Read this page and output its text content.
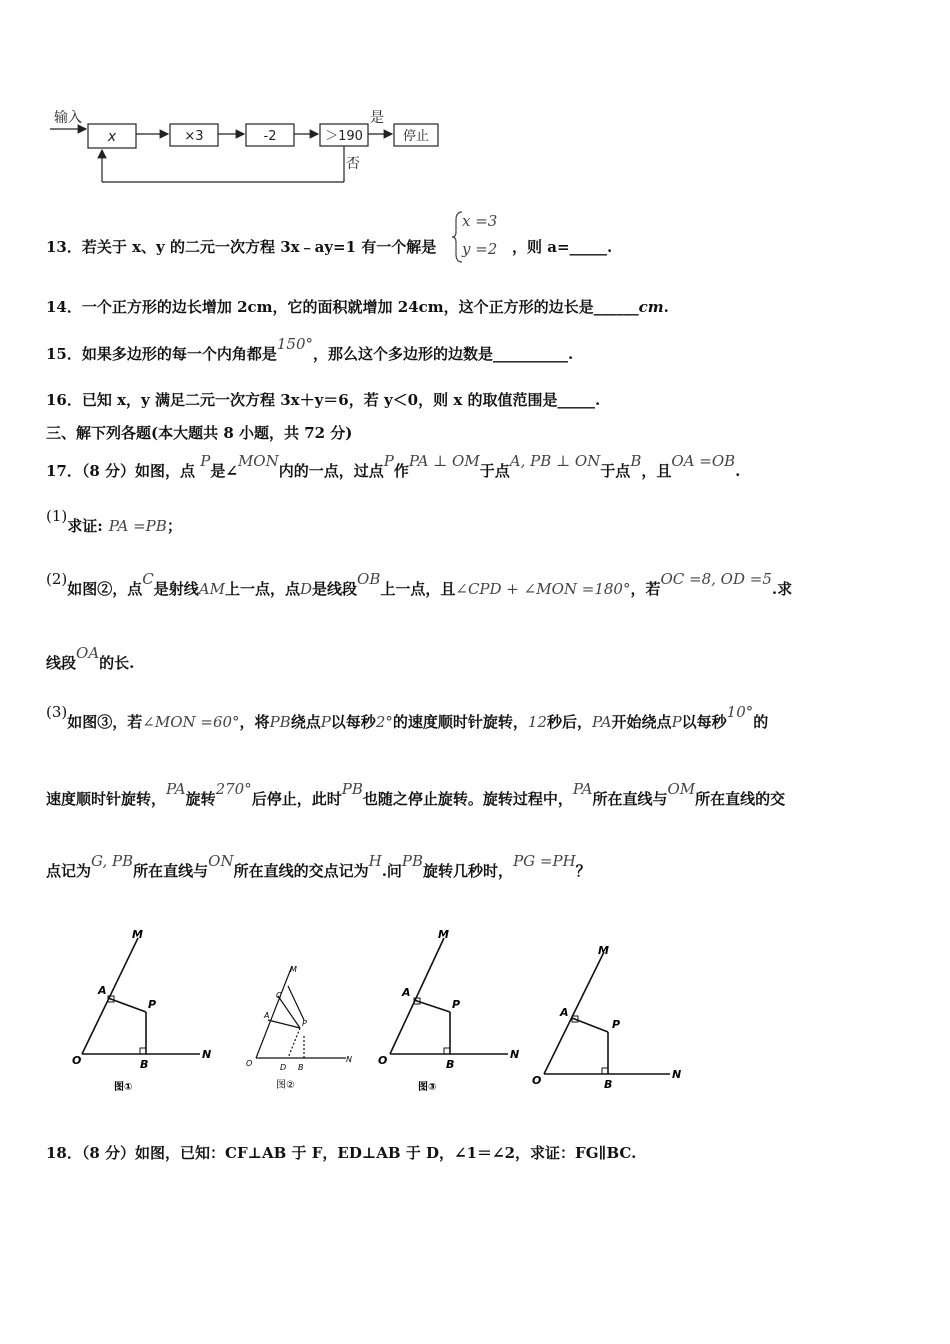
输入
x	×3	-2	＞190
是
停止
否
13．若关于 x、y 的二元一次方程 3x﹣ay=1 有一个解是
x =3
y =2 ，则 a=_____.
14．一个正方形的边长增加 2cm，它的面积就增加 24cm，这个正方形的边长是______cm.
15．如果多边形的每一个内角都是150°，那么这个多边形的边数是__________.
16．已知 x，y 满足二元一次方程 3x＋y＝6，若 y＜0，则 x 的取值范围是_____.
三、解下列各题(本大题共 8 小题，共 72 分)
17．（8 分）如图，点 P是∠MON内的一点，过点P作PA ⊥ OM于点A, PB ⊥ ON于点B，且OA =OB.
(1)求证: PA =PB；
(2)如图②，点C是射线AM上一点，点D是线段OB上一点，且∠CPD + ∠MON =180°，若OC =8, OD =5.求
线段OA的长.
(3)如图③，若∠MON =60°，将PB绕点P以每秒2°的速度顺时针旋转，12秒后，PA开始绕点P以每秒10°的
速度顺时针旋转，PA旋转270°后停止，此时PB也随之停止旋转。旋转过程中，PA所在直线与OM所在直线的交
点记为G, PB所在直线与ON所在直线的交点记为H.问PB旋转几秒时，PG =PH？
M
A
P
O	B
N
图①
M
C
A
P
O	D B
N
图②
M
A
P
O	B
N
图③
M
A
P
O	B
N
18．（8 分）如图，已知：CF⊥AB 于 F，ED⊥AB 于 D，∠1＝∠2，求证：FG∥BC.
